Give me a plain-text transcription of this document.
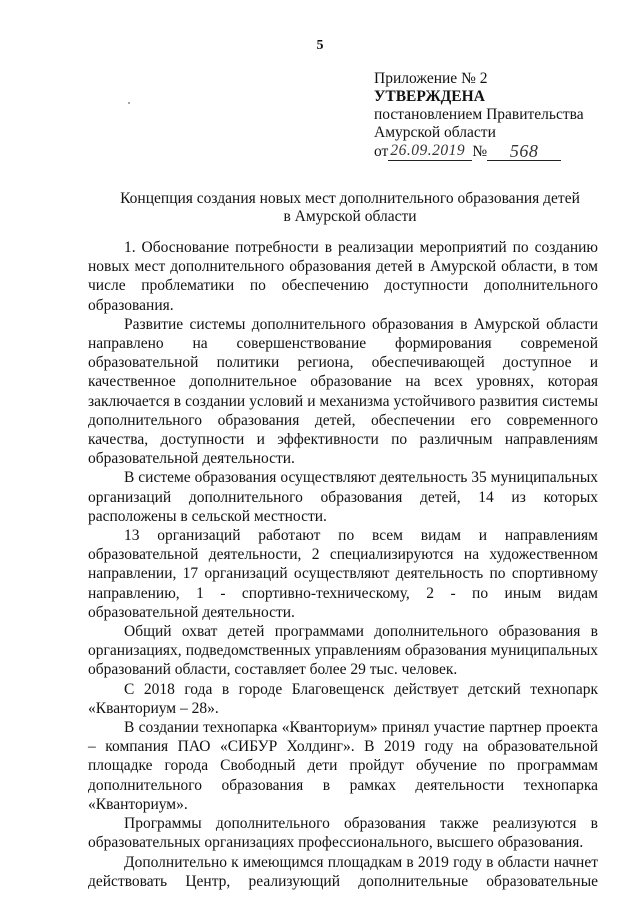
5
Приложение № 2
УТВЕРЖДЕНА
постановлением Правительства
Амурской области
от 26.09.2019 №	568
Концепция создания новых мест дополнительного образования детей
в Амурской области

1. Обоснование потребности в реализации мероприятий по созданию новых мест дополнительного образования детей в Амурской области, в том числе проблематики по обеспечению доступности дополнительного образования.

Развитие системы дополнительного образования в Амурской области направлено на совершенствование формирования современой образовательной политики региона, обеспечивающей доступное и качественное дополнительное образование на всех уровнях, которая заключается в создании условий и механизма устойчивого развития системы дополнительного образования детей, обеспечении его современного качества, доступности и эффективности по различным направлениям образовательной деятельности.

В системе образования осуществляют деятельность 35 муниципальных организаций дополнительного образования детей, 14 из которых расположены в сельской местности.

13 организаций работают по всем видам и направлениям образовательной деятельности, 2 специализируются на художественном направлении, 17 организаций осуществляют деятельность по спортивному направлению, 1 - спортивно-техническому, 2 - по иным видам образовательной деятельности.

Общий охват детей программами дополнительного образования в организациях, подведомственных управлениям образования муниципальных образований области, составляет более 29 тыс. человек.

С 2018 года в городе Благовещенск действует детский технопарк «Кванториум – 28».

В создании технопарка «Кванториум» принял участие партнер проекта – компания ПАО «СИБУР Холдинг». В 2019 году на образовательной площадке города Свободный дети пройдут обучение по программам дополнительного образования в рамках деятельности технопарка «Кванториум».

Программы дополнительного образования также реализуются в образовательных организациях профессионального, высшего образования.

Дополнительно к имеющимся площадкам в 2019 году в области начнет действовать Центр, реализующий дополнительные образовательные
